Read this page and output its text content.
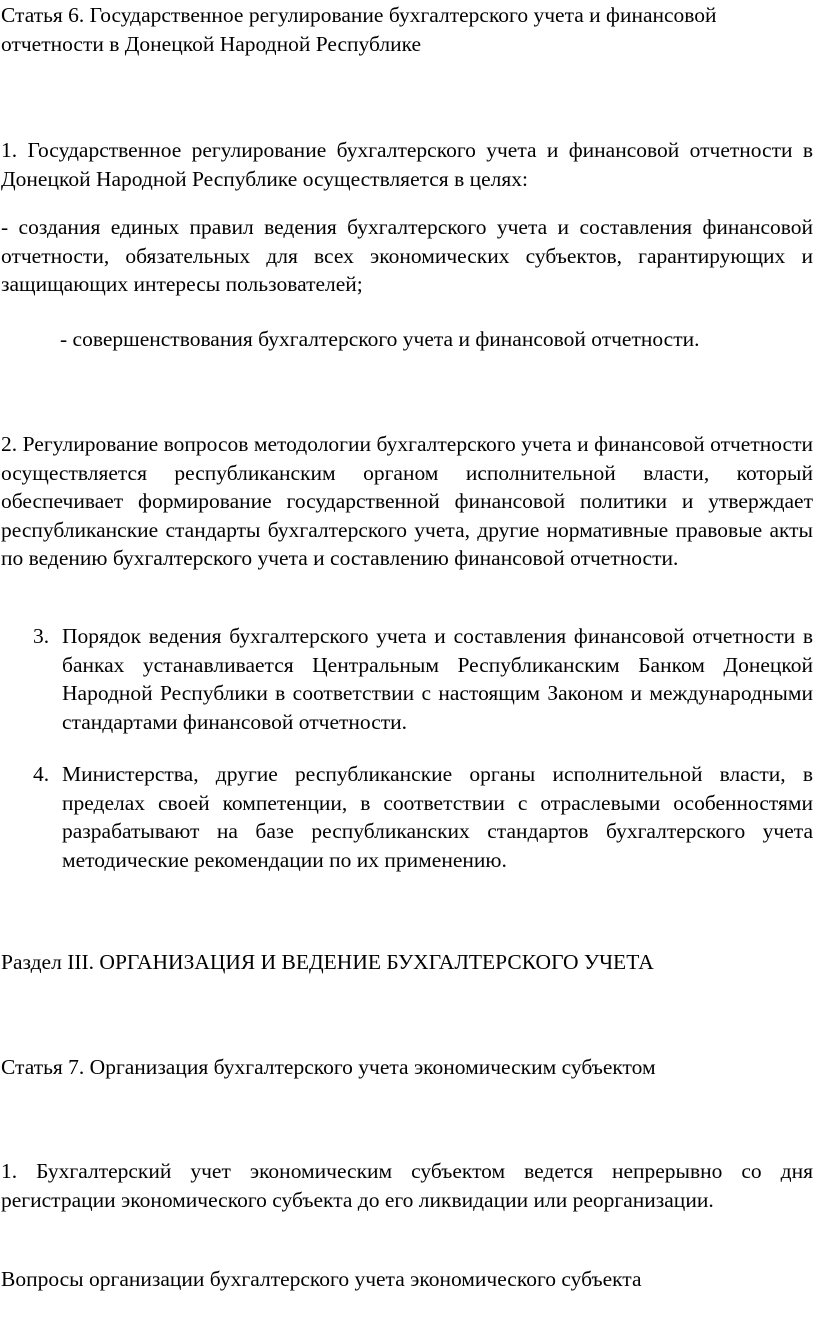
Статья 6. Государственное регулирование бухгалтерского учета и финансовой отчетности в Донецкой Народной Республике

1. Государственное регулирование бухгалтерского учета и финансовой отчетности в Донецкой Народной Республике осуществляется в целях:

- создания единых правил ведения бухгалтерского учета и составления финансовой отчетности, обязательных для всех экономических субъектов, гарантирующих и защищающих интересы пользователей;

- совершенствования бухгалтерского учета и финансовой отчетности.

2. Регулирование вопросов методологии бухгалтерского учета и финансовой отчетности осуществляется республиканским органом исполнительной власти, который обеспечивает формирование государственной финансовой политики и утверждает республиканские стандарты бухгалтерского учета, другие нормативные правовые акты по ведению бухгалтерского учета и составлению финансовой отчетности.

3. Порядок ведения бухгалтерского учета и составления финансовой отчетности в банках устанавливается Центральным Республиканским Банком Донецкой Народной Республики в соответствии с настоящим Законом и международными стандартами финансовой отчетности.
4. Министерства, другие республиканские органы исполнительной власти, в пределах своей компетенции, в соответствии с отраслевыми особенностями разрабатывают на базе республиканских стандартов бухгалтерского учета методические рекомендации по их применению.

Раздел III. ОРГАНИЗАЦИЯ И ВЕДЕНИЕ БУХГАЛТЕРСКОГО УЧЕТА

Статья 7. Организация бухгалтерского учета экономическим субъектом

1. Бухгалтерский учет экономическим субъектом ведется непрерывно со дня регистрации экономического субъекта до его ликвидации или реорганизации.

Вопросы организации бухгалтерского учета экономического субъекта
